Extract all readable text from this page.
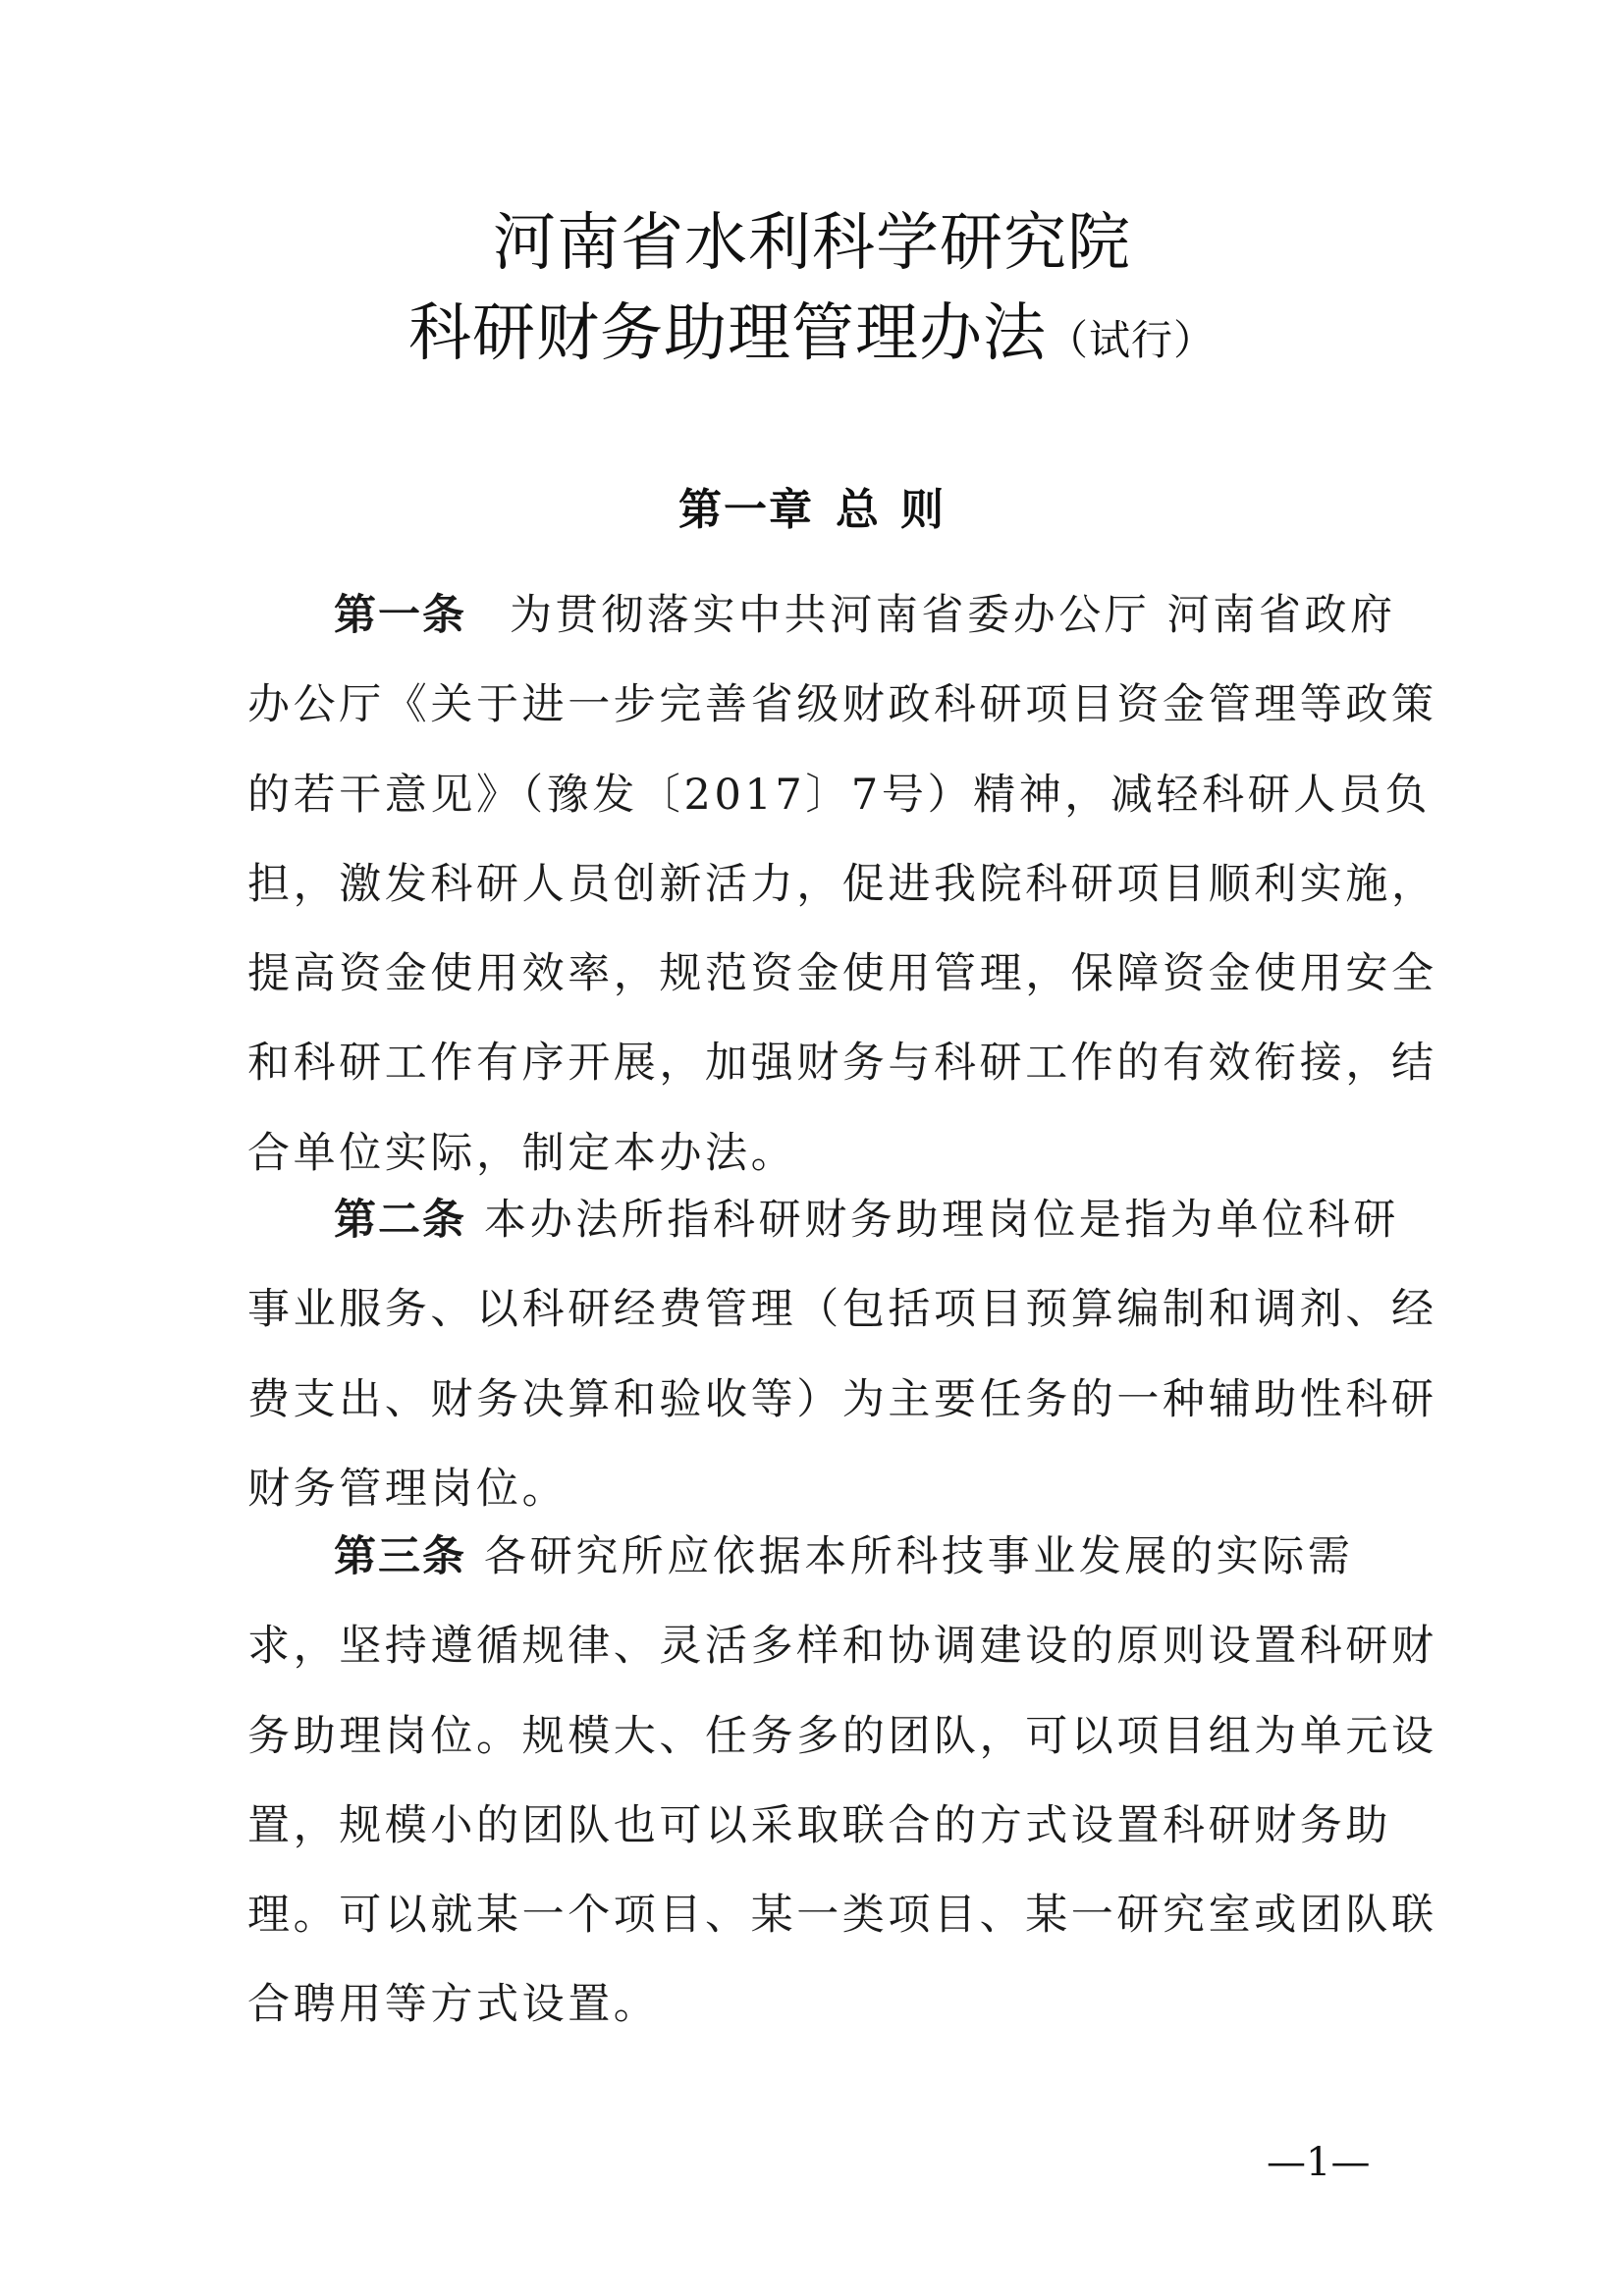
河南省水利科学研究院
科研财务助理管理办法（试行）
第一章 总 则
第一条 为贯彻落实中共河南省委办公厅 河南省政府
办公厅《关于进一步完善省级财政科研项目资金管理等政策
的若干意见》（豫发〔2017〕7号）精神，减轻科研人员负
担，激发科研人员创新活力，促进我院科研项目顺利实施，
提高资金使用效率，规范资金使用管理，保障资金使用安全
和科研工作有序开展，加强财务与科研工作的有效衔接，结
合单位实际，制定本办法。
第二条 本办法所指科研财务助理岗位是指为单位科研
事业服务、以科研经费管理（包括项目预算编制和调剂、经
费支出、财务决算和验收等）为主要任务的一种辅助性科研
财务管理岗位。
第三条 各研究所应依据本所科技事业发展的实际需
求，坚持遵循规律、灵活多样和协调建设的原则设置科研财
务助理岗位。规模大、任务多的团队，可以项目组为单元设
置，规模小的团队也可以采取联合的方式设置科研财务助
理。可以就某一个项目、某一类项目、某一研究室或团队联
合聘用等方式设置。
—1—
